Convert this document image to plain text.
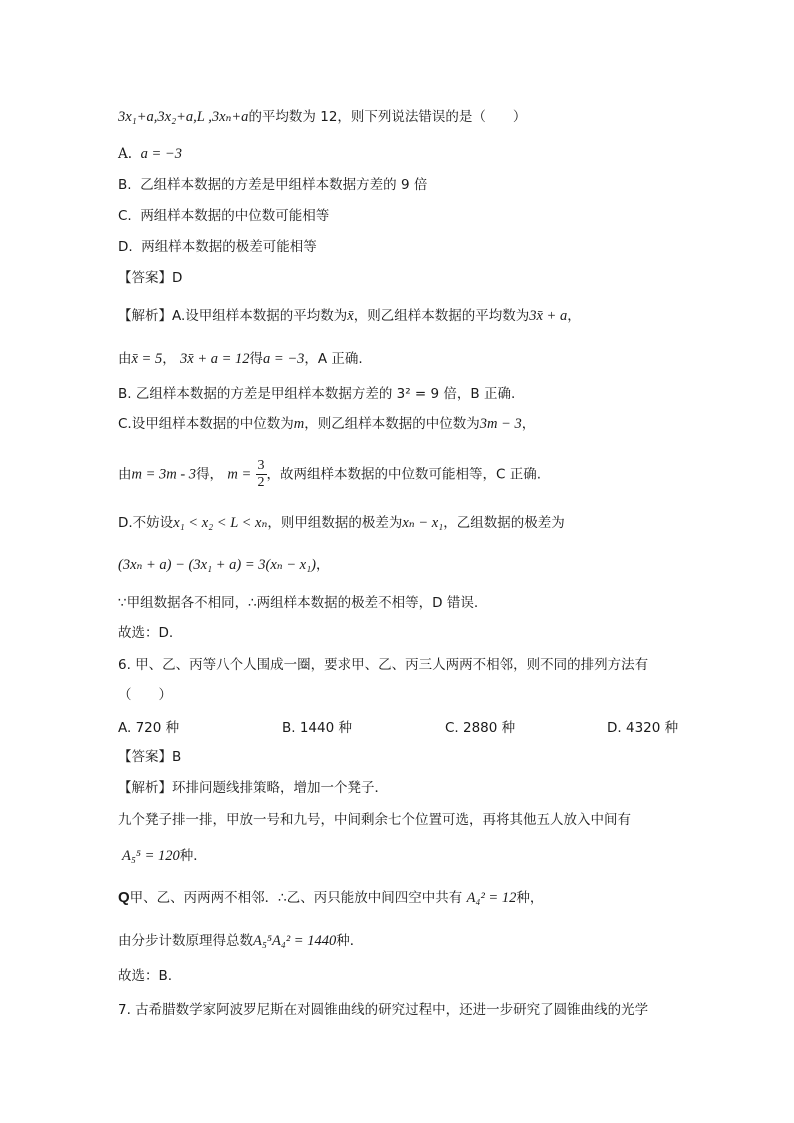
3x₁+a,3x₂+a,L ,3xₙ+a的平均数为 12，则下列说法错误的是（　　）
A. a = −3
B. 乙组样本数据的方差是甲组样本数据方差的 9 倍
C. 两组样本数据的中位数可能相等
D. 两组样本数据的极差可能相等
【答案】D
【解析】A.设甲组样本数据的平均数为x̄，则乙组样本数据的平均数为3x̄ + a，
由x̄ = 5， 3x̄ + a = 12得a = −3，A 正确.
B. 乙组样本数据的方差是甲组样本数据方差的 3² = 9 倍，B 正确.
C.设甲组样本数据的中位数为m，则乙组样本数据的中位数为3m − 3，
由m = 3m - 3得， $m = \frac{3}{2}$ ，故两组样本数据的中位数可能相等，C 正确.
D.不妨设x₁ < x₂ < L < xₙ，则甲组数据的极差为xₙ − x₁，乙组数据的极差为
(3xₙ + a) − (3x₁ + a) = 3(xₙ − x₁)，
∵甲组数据各不相同，∴两组样本数据的极差不相等，D 错误.
故选：D.
6. 甲、乙、丙等八个人围成一圈，要求甲、乙、丙三人两两不相邻，则不同的排列方法有
（　　）
A. 720 种	B. 1440 种	C. 2880 种	D. 4320 种
【答案】B
【解析】环排问题线排策略，增加一个凳子．
九个凳子排一排，甲放一号和九号，中间剩余七个位置可选，再将其他五人放入中间有
A₅⁵ = 120种．
Q甲、乙、丙两两不相邻．∴乙、丙只能放中间四空中共有 A₄² = 12种，
由分步计数原理得总数A₅⁵A₄² = 1440种．
故选：B.
7. 古希腊数学家阿波罗尼斯在对圆锥曲线的研究过程中，还进一步研究了圆锥曲线的光学
